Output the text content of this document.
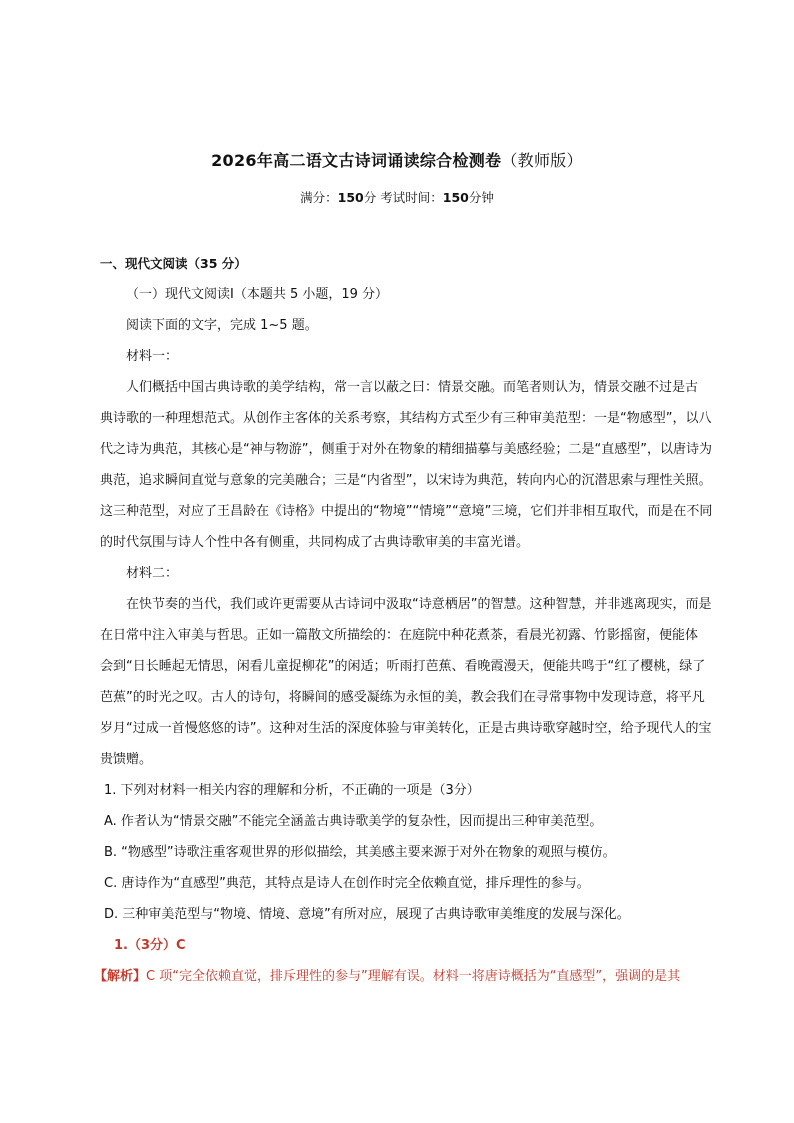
2026年高二语文古诗词诵读综合检测卷（教师版）
满分：150分 考试时间：150分钟
一、现代文阅读（35 分）
（一）现代文阅读Ⅰ（本题共 5 小题，19 分）
阅读下面的文字，完成 1~5 题。
材料一：
人们概括中国古典诗歌的美学结构，常一言以蔽之曰：情景交融。而笔者则认为，情景交融不过是古
典诗歌的一种理想范式。从创作主客体的关系考察，其结构方式至少有三种审美范型：一是“物感型”，以八
代之诗为典范，其核心是“神与物游”，侧重于对外在物象的精细描摹与美感经验；二是“直感型”，以唐诗为
典范，追求瞬间直觉与意象的完美融合；三是“内省型”，以宋诗为典范，转向内心的沉潜思索与理性关照。
这三种范型，对应了王昌龄在《诗格》中提出的“物境”“情境”“意境”三境，它们并非相互取代，而是在不同
的时代氛围与诗人个性中各有侧重，共同构成了古典诗歌审美的丰富光谱。
材料二：
在快节奏的当代，我们或许更需要从古诗词中汲取“诗意栖居”的智慧。这种智慧，并非逃离现实，而是
在日常中注入审美与哲思。正如一篇散文所描绘的：在庭院中种花煮茶，看晨光初露、竹影摇窗，便能体
会到“日长睡起无情思，闲看儿童捉柳花”的闲适；听雨打芭蕉、看晚霞漫天，便能共鸣于“红了樱桃，绿了
芭蕉”的时光之叹。古人的诗句，将瞬间的感受凝练为永恒的美，教会我们在寻常事物中发现诗意，将平凡
岁月“过成一首慢悠悠的诗”。这种对生活的深度体验与审美转化，正是古典诗歌穿越时空，给予现代人的宝
贵馈赠。
1. 下列对材料一相关内容的理解和分析，不正确的一项是（3分）
A. 作者认为“情景交融”不能完全涵盖古典诗歌美学的复杂性，因而提出三种审美范型。
B. “物感型”诗歌注重客观世界的形似描绘，其美感主要来源于对外在物象的观照与模仿。
C. 唐诗作为“直感型”典范，其特点是诗人在创作时完全依赖直觉，排斥理性的参与。
D. 三种审美范型与“物境、情境、意境”有所对应，展现了古典诗歌审美维度的发展与深化。
1.（3分）C
【解析】C 项“完全依赖直觉，排斥理性的参与”理解有误。材料一将唐诗概括为“直感型”，强调的是其
